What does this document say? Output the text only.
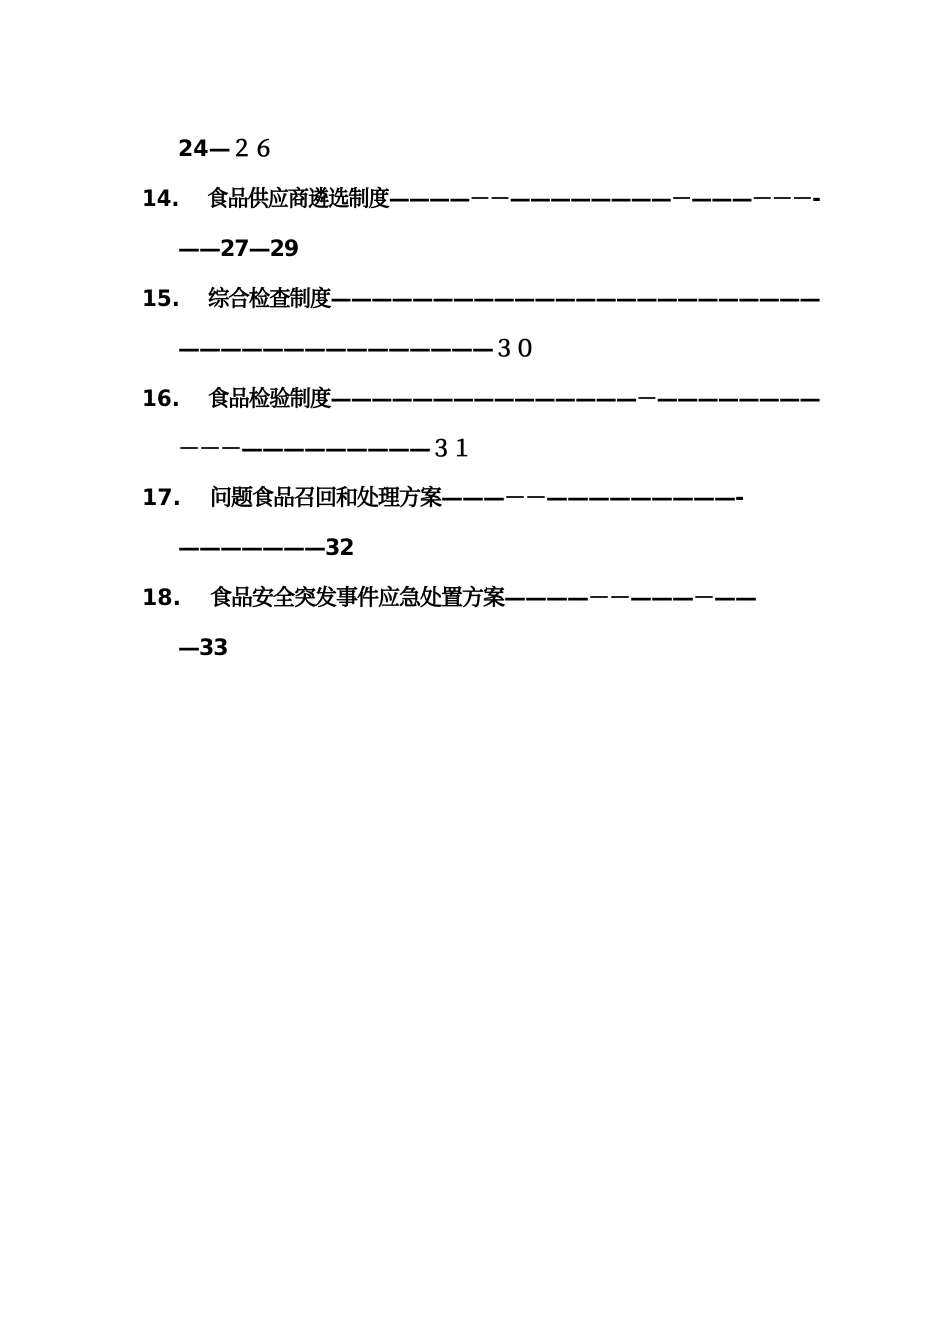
24—２６
14. 食品供应商遴选制度————－－————————－———－－－-
——27—29
15. 综合检查制度————————————————————————
———————————————３０
16. 食品检验制度———————————————－————————
－－－—————————３１
17. 问题食品召回和处理方案———－－—————————-
———————32
18. 食品安全突发事件应急处置方案————－－———－——
—33
